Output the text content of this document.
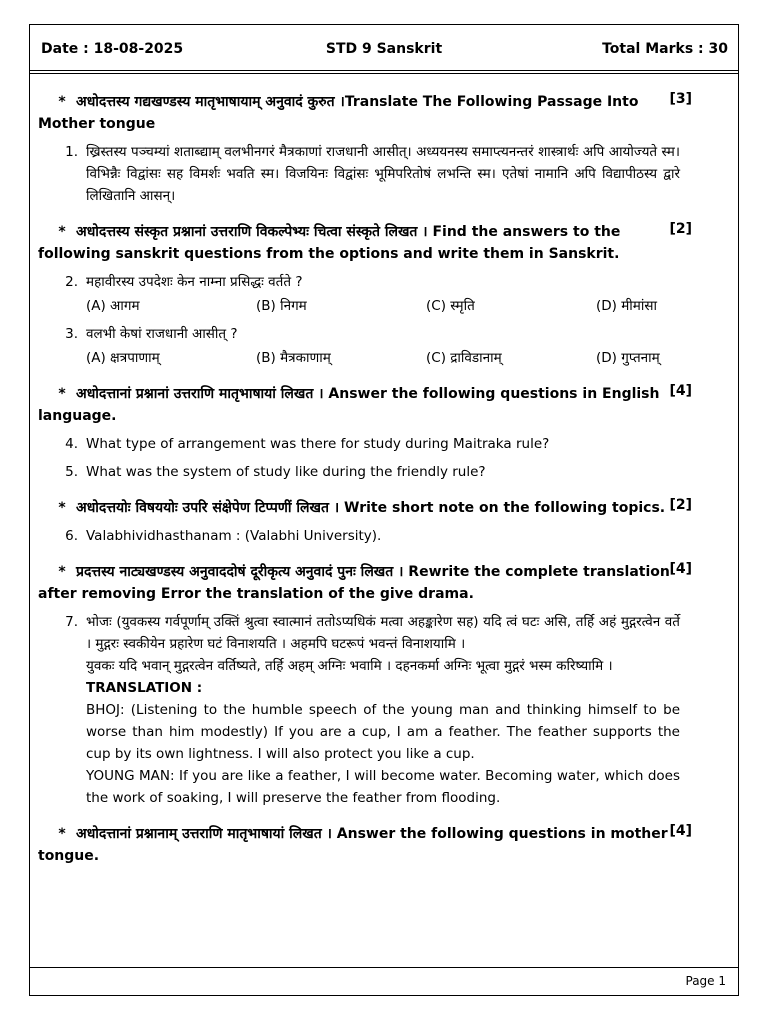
Date : 18-08-2025	STD 9 Sanskrit	Total Marks : 30
* अधोदत्तस्य गद्यखण्डस्य मातृभाषायाम् अनुवादं कुरुत ।Translate The Following Passage Into Mother tongue
[3]
1. ख्रिस्तस्य पञ्चम्यां शताब्द्याम् वलभीनगरं मैत्रकाणां राजधानी आसीत्। अध्ययनस्य समाप्त्यनन्तरं शास्त्रार्थः अपि आयोज्यते स्म। विभिन्नैः विद्वांसः सह विमर्शः भवति स्म। विजयिनः विद्वांसः भूमिपरितोषं लभन्ति स्म। एतेषां नामानि अपि विद्यापीठस्य द्वारे लिखितानि आसन्।
* अधोदत्तस्य संस्कृत प्रश्नानां उत्तराणि विकल्पेभ्यः चित्वा संस्कृते लिखत । Find the answers to the following sanskrit questions from the options and write them in Sanskrit.
[2]
2. महावीरस्य उपदेशः केन नाम्ना प्रसिद्धः वर्तते ?
(A) आगम	(B) निगम	(C) स्मृति	(D) मीमांसा
3. वलभी केषां राजधानी आसीत् ?
(A) क्षत्रपाणाम्	(B) मैत्रकाणाम्	(C) द्राविडानाम्	(D) गुप्तनाम्
* अधोदत्तानां प्रश्नानां उत्तराणि मातृभाषायां लिखत । Answer the following questions in English language.
[4]
4. What type of arrangement was there for study during Maitraka rule?
5. What was the system of study like during the friendly rule?
* अधोदत्तयोः विषययोः उपरि संक्षेपेण टिप्पणीं लिखत । Write short note on the following topics. [2]
6. Valabhividhasthanam : (Valabhi University).
* प्रदत्तस्य नाट्यखण्डस्य अनुवाददोषं दूरीकृत्य अनुवादं पुनः लिखत । Rewrite the complete translation after removing Error the translation of the give drama.
[4]
7. भोजः (युवकस्य गर्वपूर्णाम् उक्तिं श्रुत्वा स्वात्मानं ततोऽप्यधिकं मत्वा अहङ्कारेण सह) यदि त्वं घटः असि, तर्हि अहं मुद्गरत्वेन वर्ते । मुद्गरः स्वकीयेन प्रहारेण घटं विनाशयति । अहमपि घटरूपं भवन्तं विनाशयामि ।
युवकः यदि भवान् मुद्गरत्वेन वर्तिष्यते, तर्हि अहम् अग्निः भवामि । दहनकर्मा अग्निः भूत्वा मुद्गरं भस्म करिष्यामि ।
TRANSLATION :
BHOJ: (Listening to the humble speech of the young man and thinking himself to be worse than him modestly) If you are a cup, I am a feather. The feather supports the cup by its own lightness. I will also protect you like a cup.
YOUNG MAN: If you are like a feather, I will become water. Becoming water, which does the work of soaking, I will preserve the feather from flooding.
* अधोदत्तानां प्रश्नानाम् उत्तराणि मातृभाषायां लिखत । Answer the following questions in mother tongue.
[4]
Page 1
